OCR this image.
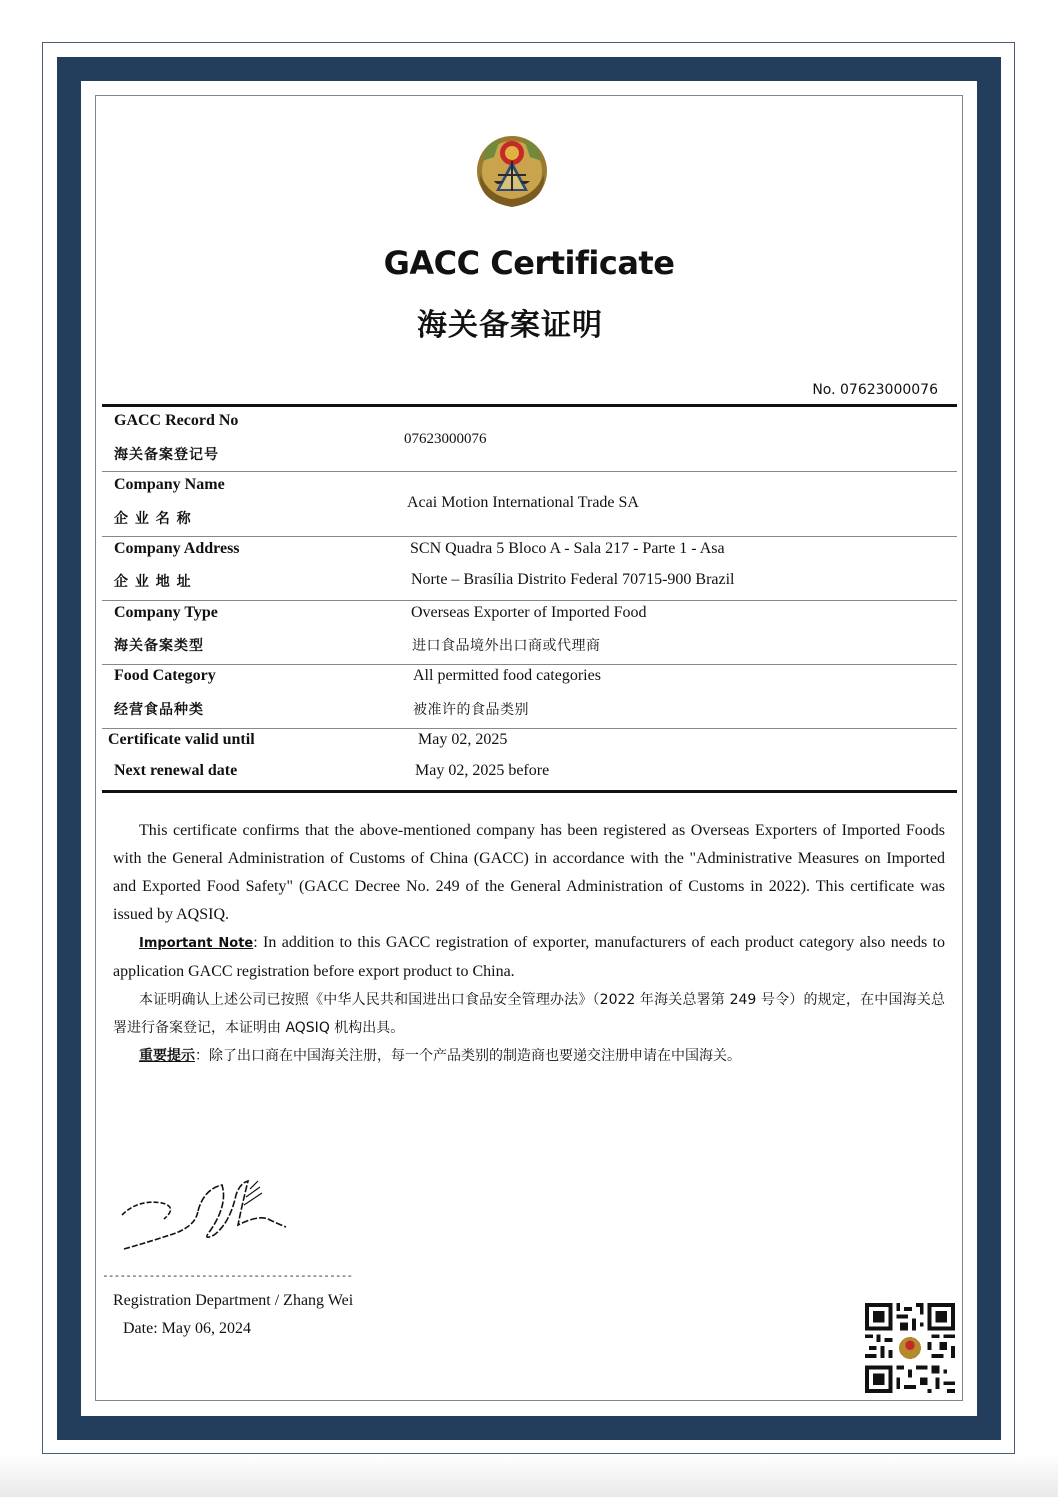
GACC Certificate
海关备案证明
No. 07623000076
GACC Record No
海关备案登记号
07623000076
Company Name
企 业 名 称
Acai Motion International Trade SA
Company Address
企 业 地 址
SCN Quadra 5 Bloco A - Sala 217 - Parte 1 - Asa
Norte – Brasília Distrito Federal 70715-900 Brazil
Company Type
海关备案类型
Overseas Exporter of Imported Food
进口食品境外出口商或代理商
Food Category
经营食品种类
All permitted food categories
被准许的食品类别
Certificate valid until	May 02, 2025
Next renewal date	May 02, 2025 before

This certificate confirms that the above-mentioned company has been registered as Overseas Exporters of Imported Foods with the General Administration of Customs of China (GACC) in accordance with the "Administrative Measures on Imported and Exported Food Safety" (GACC Decree No. 249 of the General Administration of Customs in 2022). This certificate was issued by AQSIQ.

Important Note: In addition to this GACC registration of exporter, manufacturers of each product category also needs to application GACC registration before export product to China.

本证明确认上述公司已按照《中华人民共和国进出口食品安全管理办法》（2022 年海关总署第 249 号令）的规定，在中国海关总署进行备案登记，本证明由 AQSIQ 机构出具。

重要提示：除了出口商在中国海关注册，每一个产品类别的制造商也要递交注册申请在中国海关。

-------------------------------------------
Registration Department / Zhang Wei
Date: May 06, 2024
